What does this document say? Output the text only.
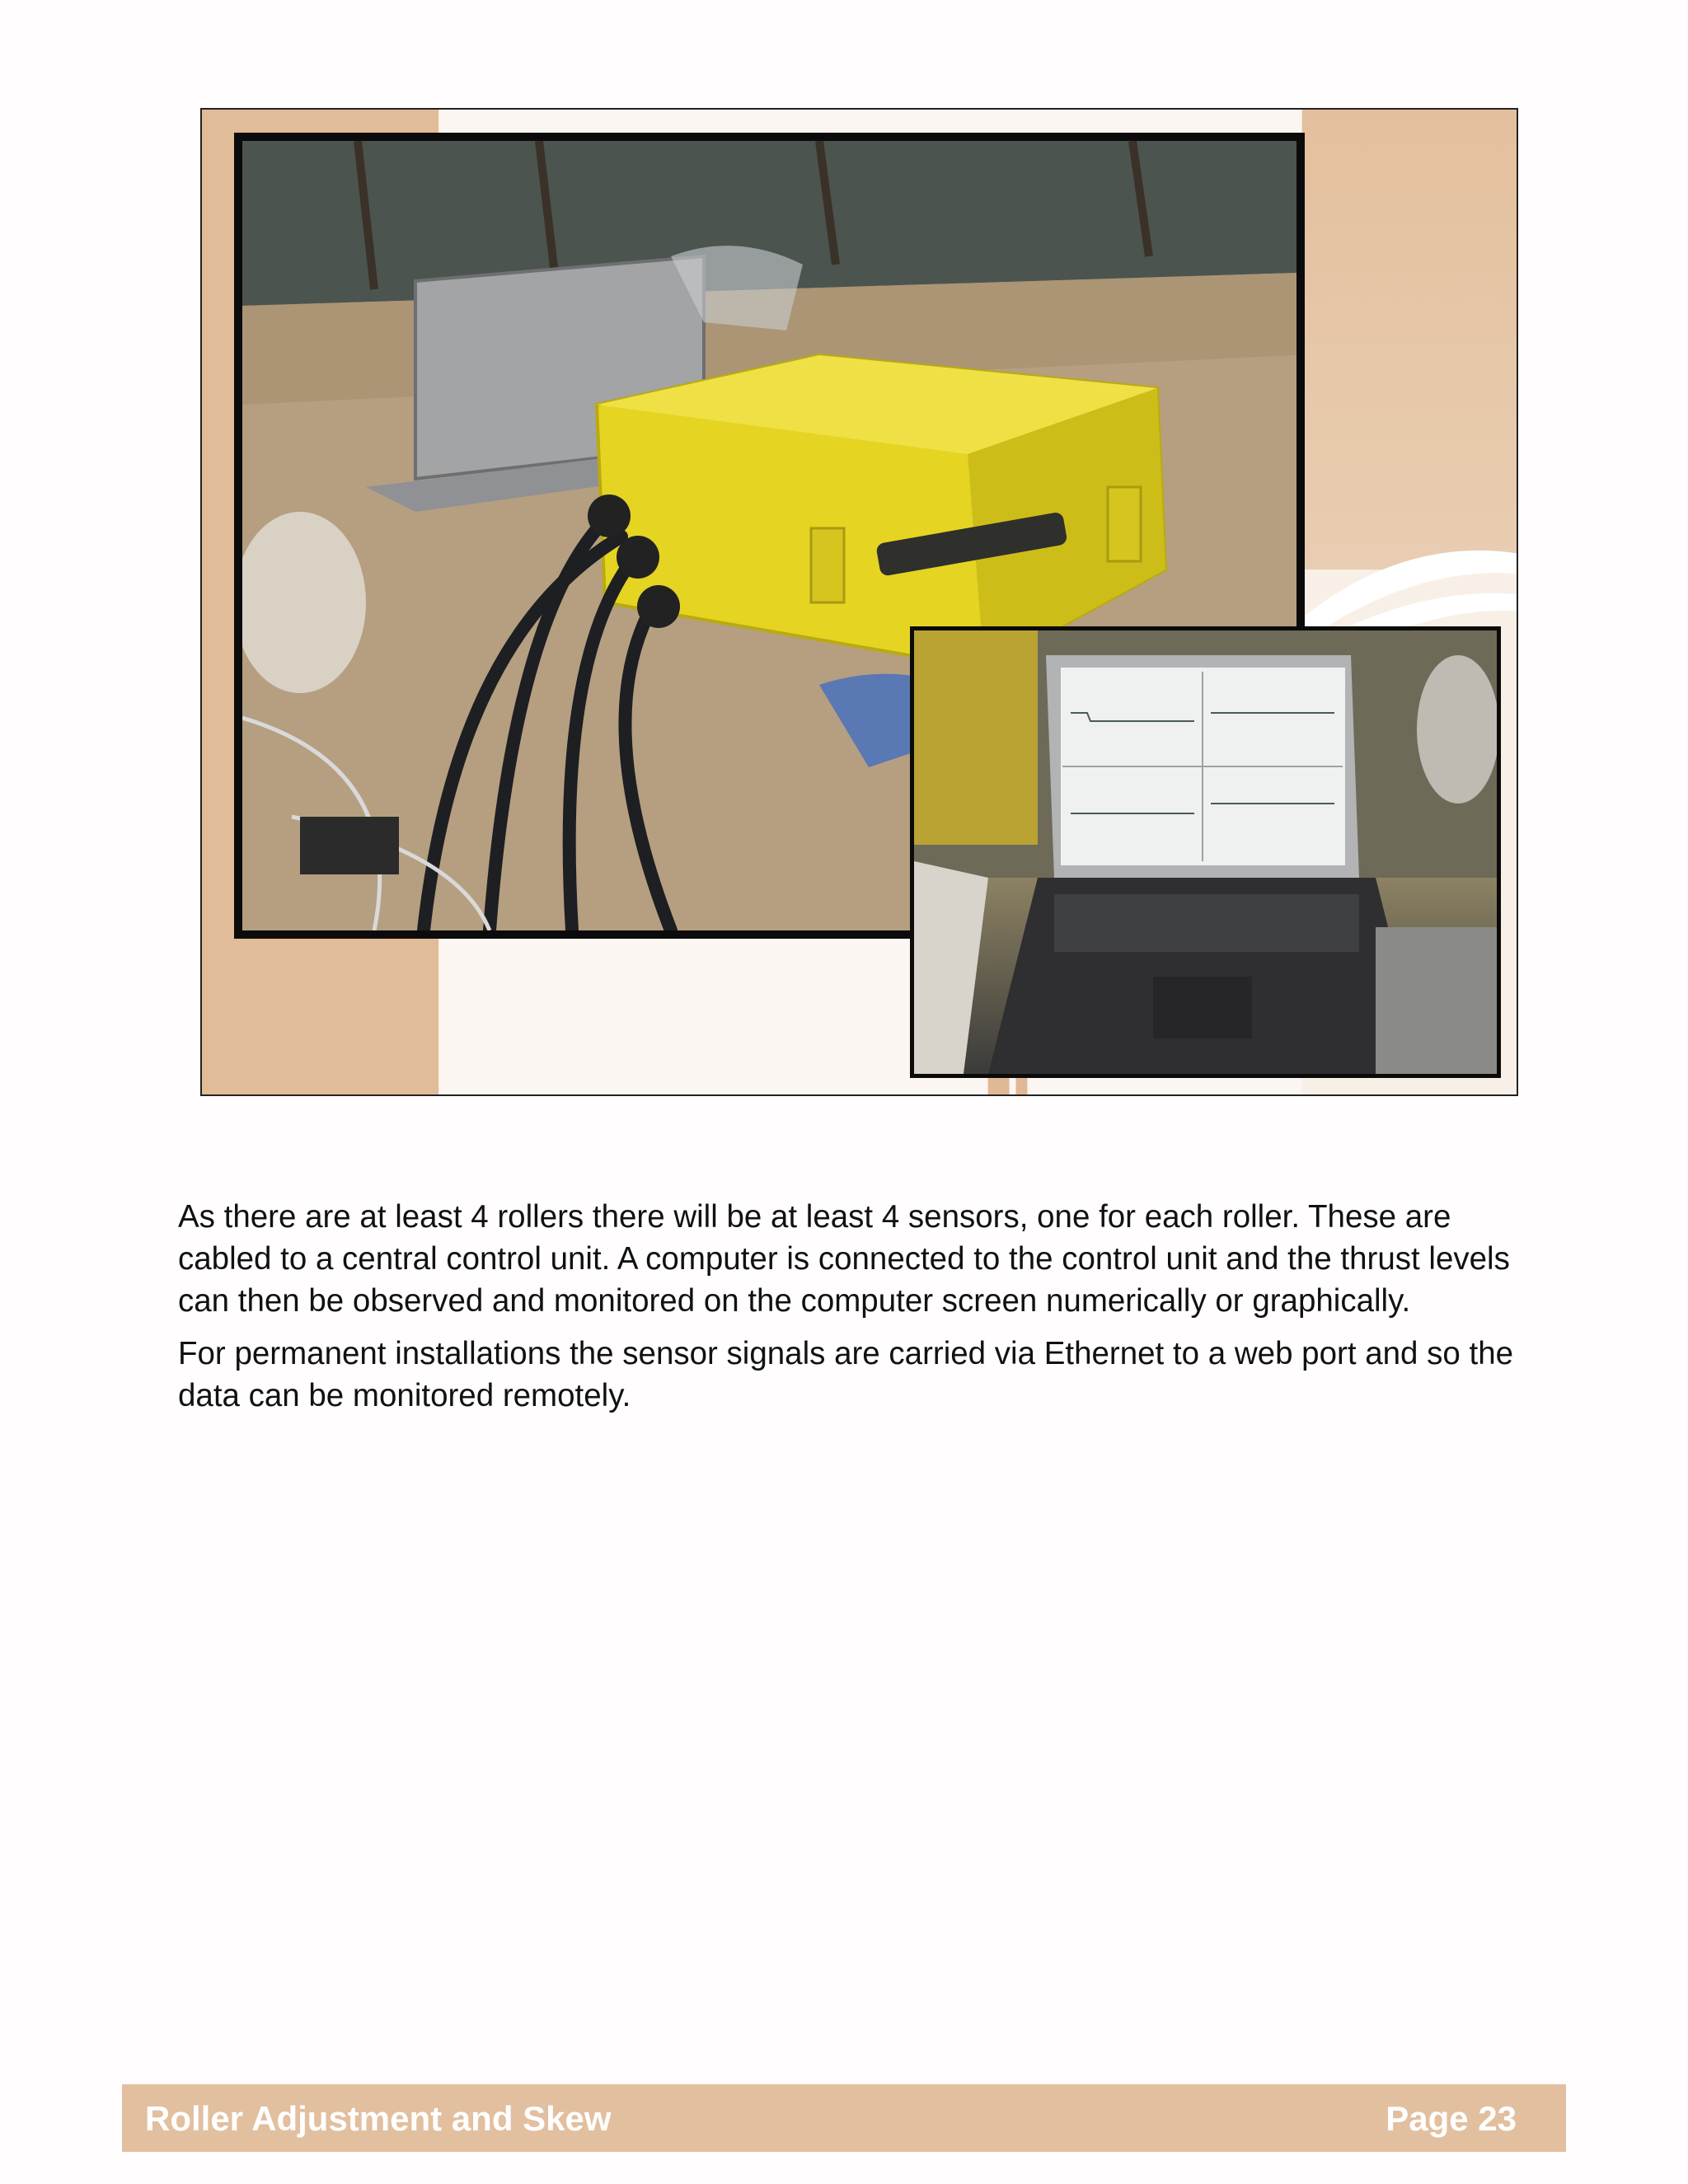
As there are at least 4 rollers there will be at least 4 sensors, one for each roller. These are cabled to a central control unit. A computer is connected to the control unit and the thrust levels can then be observed and monitored on the computer screen numerically or graphically.

For permanent installations the sensor signals are carried via Ethernet to a web port and so the data can be monitored remotely.

Roller Adjustment and Skew	Page 23
